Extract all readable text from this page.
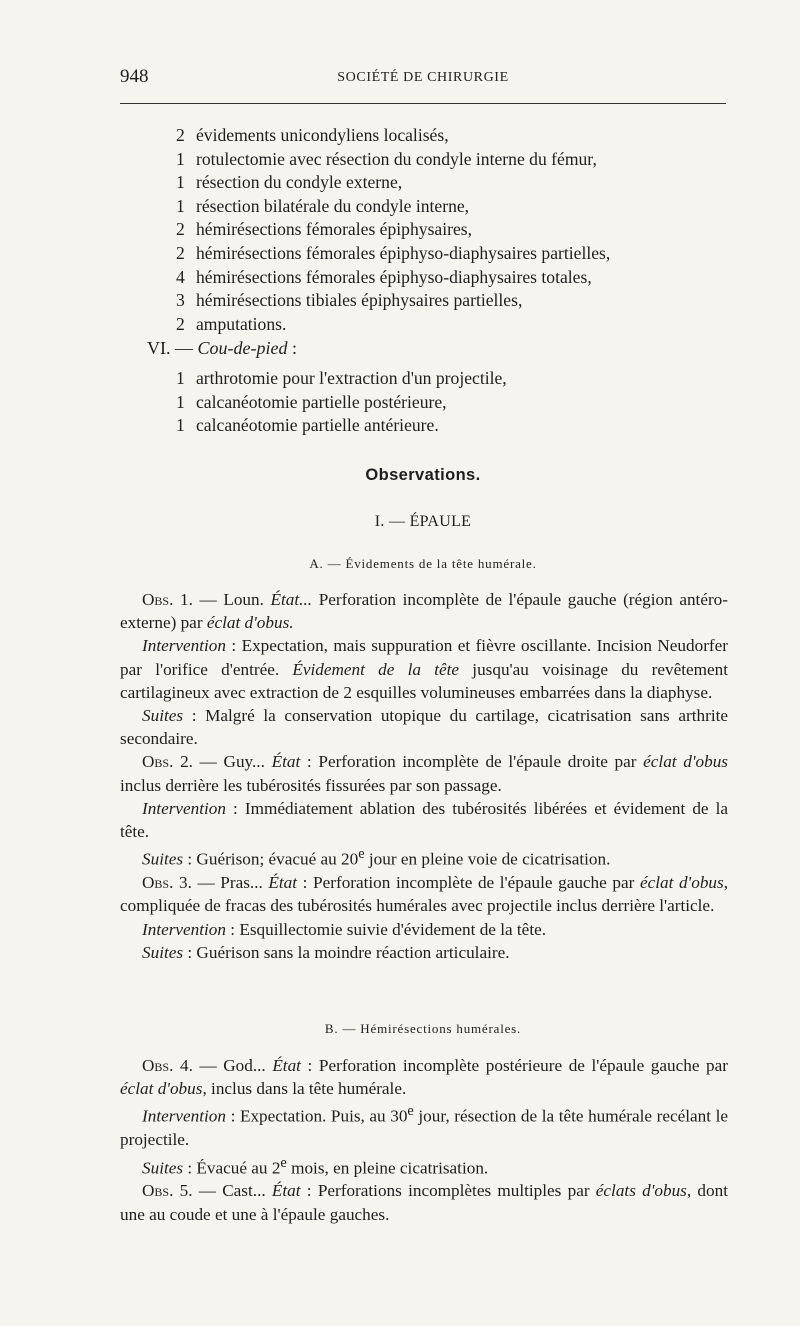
948	SOCIÉTÉ DE CHIRURGIE
2 évidements unicondyliens localisés,
1 rotulectomie avec résection du condyle interne du fémur,
1 résection du condyle externe,
1 résection bilatérale du condyle interne,
2 hémirésections fémorales épiphysaires,
2 hémirésections fémorales épiphyso-diaphysaires partielles,
4 hémirésections fémorales épiphyso-diaphysaires totales,
3 hémirésections tibiales épiphysaires partielles,
2 amputations.
VI. — Cou-de-pied :
1 arthrotomie pour l'extraction d'un projectile,
1 calcanéotomie partielle postérieure,
1 calcanéotomie partielle antérieure.
Observations.
I. — ÉPAULE
A. — Évidements de la tête humérale.

Obs. 1. — Loun. État... Perforation incomplète de l'épaule gauche (région antéro-externe) par éclat d'obus.

Intervention : Expectation, mais suppuration et fièvre oscillante. Incision Neudorfer par l'orifice d'entrée. Évidement de la tête jusqu'au voisinage du revêtement cartilagineux avec extraction de 2 esquilles volumineuses embarrées dans la diaphyse.

Suites : Malgré la conservation utopique du cartilage, cicatrisation sans arthrite secondaire.

Obs. 2. — Guy... État : Perforation incomplète de l'épaule droite par éclat d'obus inclus derrière les tubérosités fissurées par son passage.

Intervention : Immédiatement ablation des tubérosités libérées et évidement de la tête.

Suites : Guérison; évacué au 20e jour en pleine voie de cicatrisation.

Obs. 3. — Pras... État : Perforation incomplète de l'épaule gauche par éclat d'obus, compliquée de fracas des tubérosités humérales avec projectile inclus derrière l'article.

Intervention : Esquillectomie suivie d'évidement de la tête.

Suites : Guérison sans la moindre réaction articulaire.

B. — Hémirésections humérales.

Obs. 4. — God... État : Perforation incomplète postérieure de l'épaule gauche par éclat d'obus, inclus dans la tête humérale.

Intervention : Expectation. Puis, au 30e jour, résection de la tête humérale recélant le projectile.

Suites : Évacué au 2e mois, en pleine cicatrisation.

Obs. 5. — Cast... État : Perforations incomplètes multiples par éclats d'obus, dont une au coude et une à l'épaule gauches.
